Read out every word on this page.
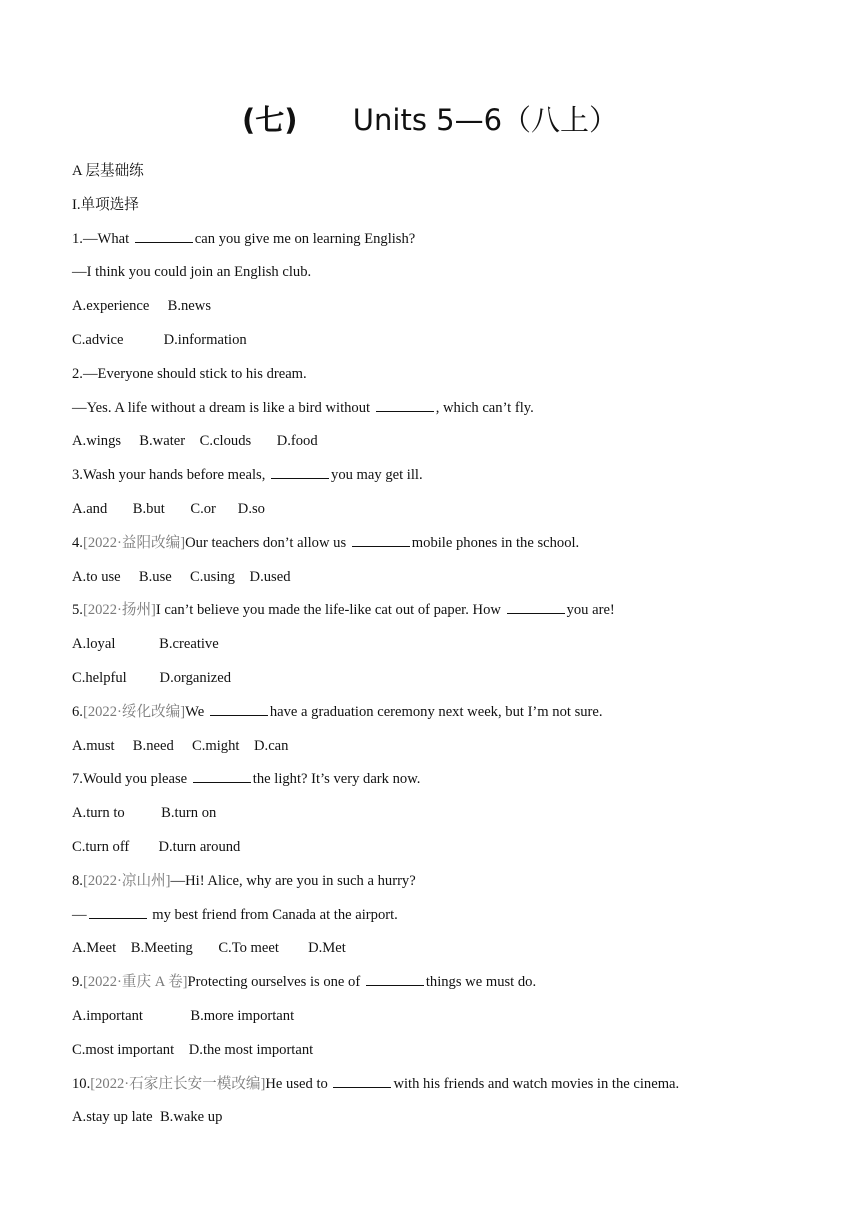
(七) Units 5—6（八上）
A 层基础练
I.单项选择
1.—What	can you give me on learning English?
—I think you could join an English club.
A.experience     B.news
C.advice           D.information
2.—Everyone should stick to his dream.
—Yes. A life without a dream is like a bird without	, which can’t fly.
A.wings     B.water    C.clouds       D.food
3.Wash your hands before meals,	you may get ill.
A.and       B.but       C.or      D.so
4.[2022·益阳改编]Our teachers don’t allow us	mobile phones in the school.
A.to use     B.use     C.using    D.used
5.[2022·扬州]I can’t believe you made the life-like cat out of paper. How	you are!
A.loyal            B.creative
C.helpful         D.organized
6.[2022·绥化改编]We	have a graduation ceremony next week, but I’m not sure.
A.must     B.need     C.might    D.can
7.Would you please	the light? It’s very dark now.
A.turn to          B.turn on
C.turn off        D.turn around
8.[2022·凉山州]—Hi! Alice, why are you in such a hurry?
—	my best friend from Canada at the airport.
A.Meet    B.Meeting       C.To meet        D.Met
9.[2022·重庆 A 卷]Protecting ourselves is one of	things we must do.
A.important             B.more important
C.most important    D.the most important
10.[2022·石家庄长安一模改编]He used to	with his friends and watch movies in the cinema.
A.stay up late  B.wake up
